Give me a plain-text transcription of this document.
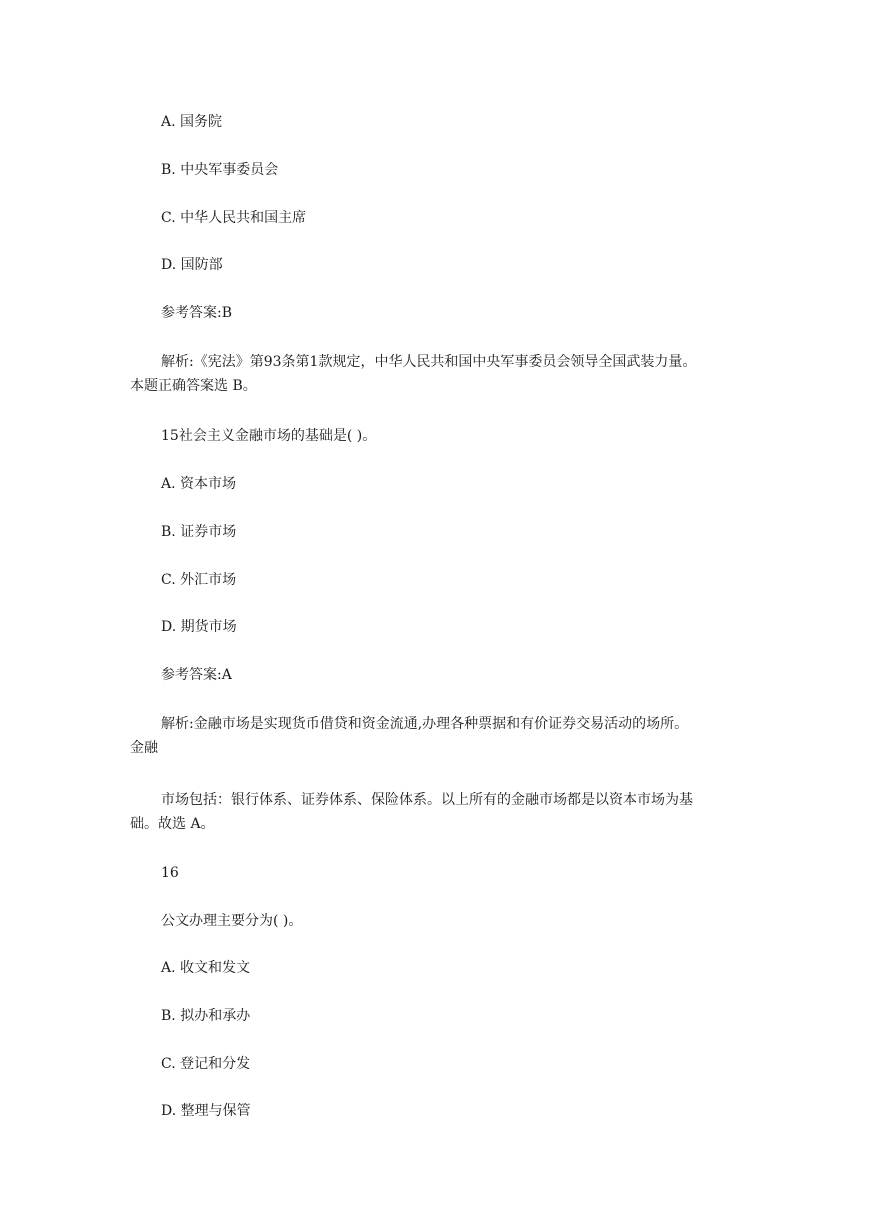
A. 国务院
B. 中央军事委员会
C. 中华人民共和国主席
D. 国防部
参考答案:B
解析:《宪法》第93条第1款规定，中华人民共和国中央军事委员会领导全国武装力量。
本题正确答案选 B。
15社会主义金融市场的基础是( )。
A. 资本市场
B. 证券市场
C. 外汇市场
D. 期货市场
参考答案:A
解析:金融市场是实现货币借贷和资金流通,办理各种票据和有价证券交易活动的场所。
金融
市场包括：银行体系、证券体系、保险体系。以上所有的金融市场都是以资本市场为基
础。故选 A。
16
公文办理主要分为( )。
A. 收文和发文
B. 拟办和承办
C. 登记和分发
D. 整理与保管
